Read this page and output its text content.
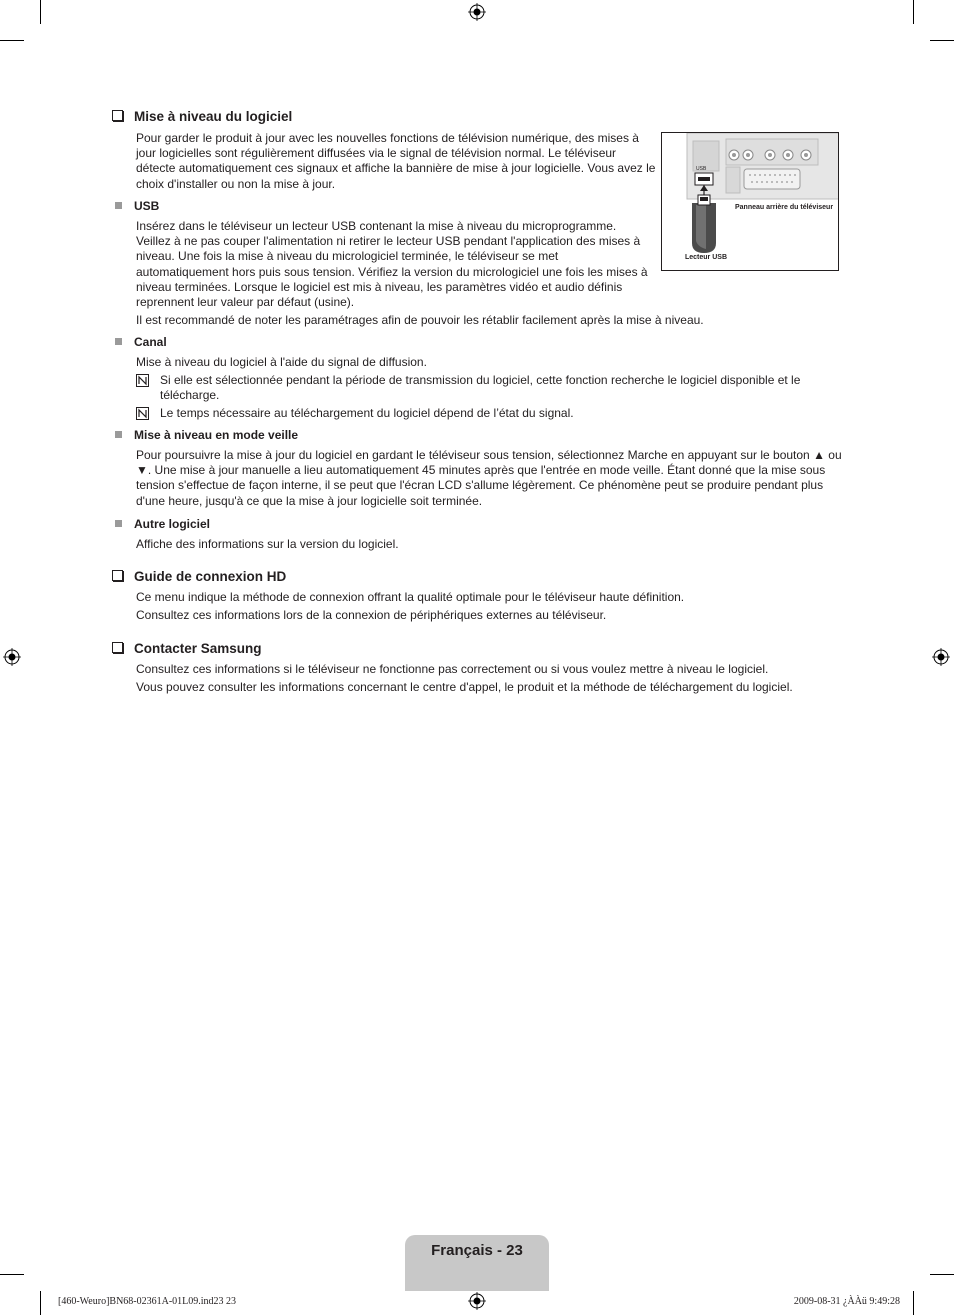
Mise à niveau du logiciel
Pour garder le produit à jour avec les nouvelles fonctions de télévision numérique, des mises à jour logicielles sont régulièrement diffusées via le signal de télévision normal. Le téléviseur détecte automatiquement ces signaux et affiche la bannière de mise à jour logicielle. Vous avez le choix d'installer ou non la mise à jour.
USB
Panneau arrière du téléviseur
Lecteur USB
USB
Insérez dans le téléviseur un lecteur USB contenant la mise à niveau du microprogramme. Veillez à ne pas couper l'alimentation ni retirer le lecteur USB pendant l'application des mises à niveau. Une fois la mise à niveau du micrologiciel terminée, le téléviseur se met automatiquement hors puis sous tension. Vérifiez la version du micrologiciel une fois les mises à niveau terminées. Lorsque le logiciel est mis à niveau, les paramètres vidéo et audio définis reprennent leur valeur par défaut (usine).
Il est recommandé de noter les paramétrages afin de pouvoir les rétablir facilement après la mise à niveau.
Canal
Mise à niveau du logiciel à l'aide du signal de diffusion.
Si elle est sélectionnée pendant la période de transmission du logiciel, cette fonction recherche le logiciel disponible et le télécharge.
Le temps nécessaire au téléchargement du logiciel dépend de l’état du signal.
Mise à niveau en mode veille
Pour poursuivre la mise à jour du logiciel en gardant le téléviseur sous tension, sélectionnez Marche en appuyant sur le bouton ▲ ou ▼. Une mise à jour manuelle a lieu automatiquement 45 minutes après que l'entrée en mode veille. Étant donné que la mise sous tension s'effectue de façon interne, il se peut que l'écran LCD s'allume légèrement. Ce phénomène peut se produire pendant plus d'une heure, jusqu'à ce que la mise à jour logicielle soit terminée.
Autre logiciel
Affiche des informations sur la version du logiciel.
Guide de connexion HD
Ce menu indique la méthode de connexion offrant la qualité optimale pour le téléviseur haute définition.
Consultez ces informations lors de la connexion de périphériques externes au téléviseur.
Contacter Samsung
Consultez ces informations si le téléviseur ne fonctionne pas correctement ou si vous voulez mettre à niveau le logiciel.
Vous pouvez consulter les informations concernant le centre d'appel, le produit et la méthode de téléchargement du logiciel.
Français - 23
[460-Weuro]BN68-02361A-01L09.ind23 23	2009-08-31 ¿ÀÀü 9:49:28
